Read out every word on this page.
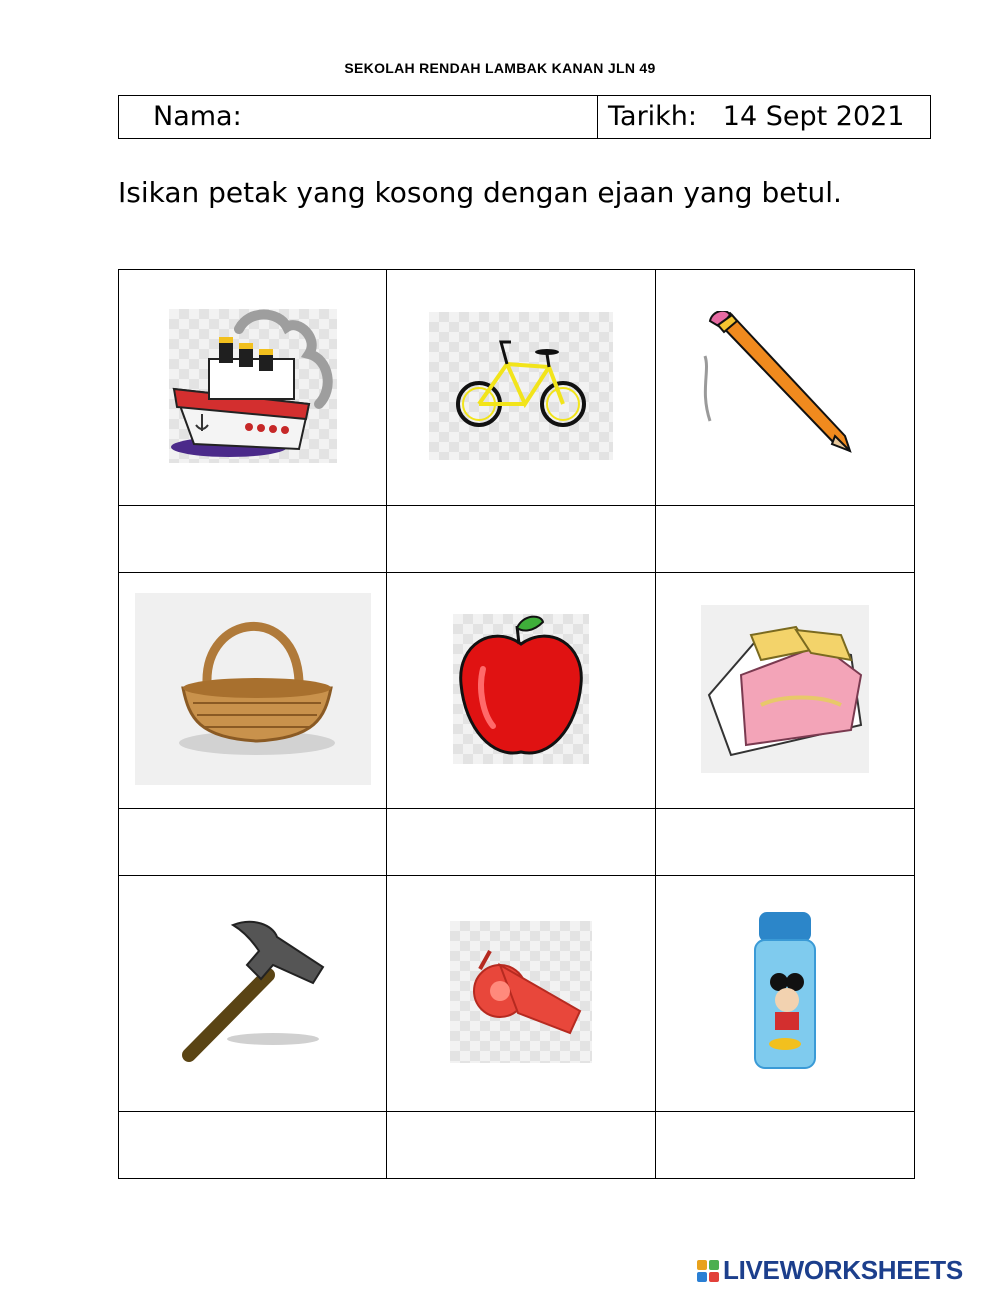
SEKOLAH RENDAH LAMBAK KANAN JLN 49
Nama:	Tarikh: 14 Sept 2021
Isikan petak yang kosong dengan ejaan yang betul.

LIVEWORKSHEETS
